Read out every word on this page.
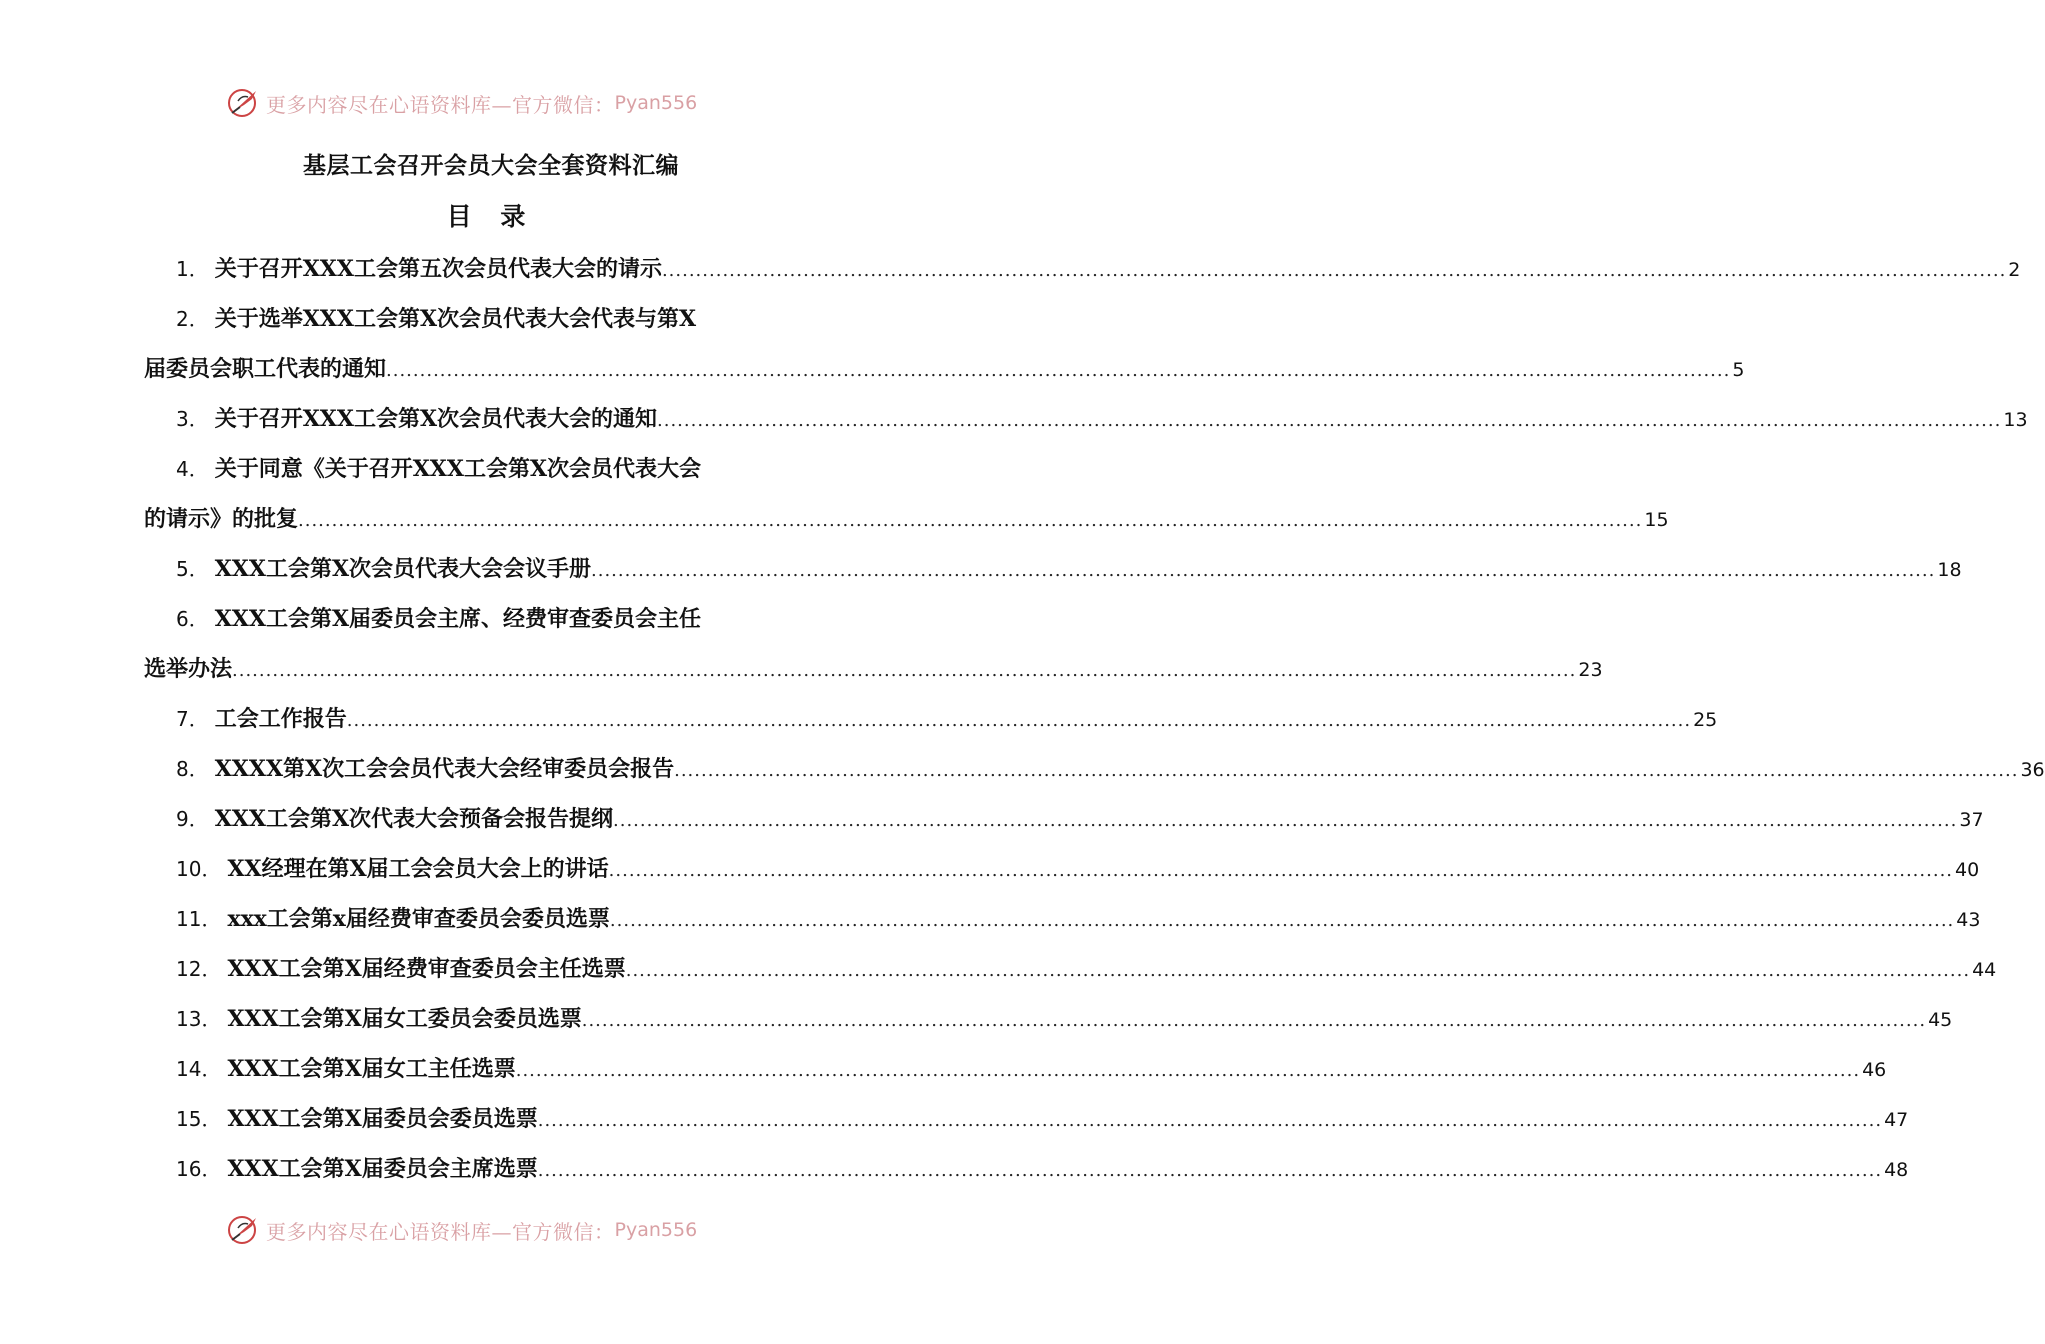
更多内容尽在心语资料库—官方微信： Pyan556
基层工会召开会员大会全套资料汇编
目 录
1． 关于召开XXX工会第五次会员代表大会的请示 ........................................................................................................................................................................................................ 2
2． 关于选举XXX工会第X次会员代表大会代表与第X
届委员会职工代表的通知 ........................................................................................................................................................................................................ 5
3． 关于召开XXX工会第X次会员代表大会的通知 ........................................................................................................................................................................................................ 13
4． 关于同意《关于召开XXX工会第X次会员代表大会
的请示》的批复 ........................................................................................................................................................................................................ 15
5． XXX工会第X次会员代表大会会议手册 ........................................................................................................................................................................................................ 18
6． XXX工会第X届委员会主席、经费审查委员会主任
选举办法 ........................................................................................................................................................................................................ 23
7． 工会工作报告 ........................................................................................................................................................................................................ 25
8． XXXX第X次工会会员代表大会经审委员会报告 ........................................................................................................................................................................................................ 36
9． XXX工会第X次代表大会预备会报告提纲 ........................................................................................................................................................................................................ 37
10． XX经理在第X届工会会员大会上的讲话 ........................................................................................................................................................................................................ 40
11． xxx工会第x届经费审查委员会委员选票 ........................................................................................................................................................................................................ 43
12． XXX工会第X届经费审查委员会主任选票 ........................................................................................................................................................................................................ 44
13． XXX工会第X届女工委员会委员选票 ........................................................................................................................................................................................................ 45
14． XXX工会第X届女工主任选票 ........................................................................................................................................................................................................ 46
15． XXX工会第X届委员会委员选票 ........................................................................................................................................................................................................ 47
16． XXX工会第X届委员会主席选票 ........................................................................................................................................................................................................ 48
更多内容尽在心语资料库—官方微信： Pyan556
